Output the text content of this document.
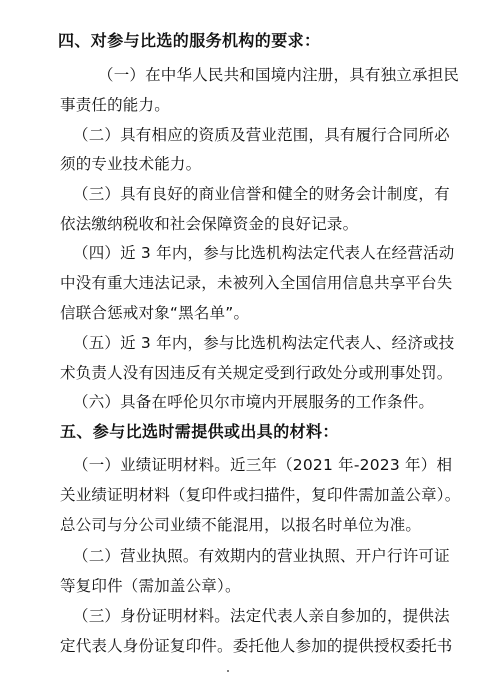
四、对参与比选的服务机构的要求：
（一）在中华人民共和国境内注册，具有独立承担民
事责任的能力。
（二）具有相应的资质及营业范围，具有履行合同所必
须的专业技术能力。
（三）具有良好的商业信誉和健全的财务会计制度，有
依法缴纳税收和社会保障资金的良好记录。
（四）近 3 年内，参与比选机构法定代表人在经营活动
中没有重大违法记录，未被列入全国信用信息共享平台失
信联合惩戒对象“黑名单”。
（五）近 3 年内，参与比选机构法定代表人、经济或技
术负责人没有因违反有关规定受到行政处分或刑事处罚。
（六）具备在呼伦贝尔市境内开展服务的工作条件。
五、参与比选时需提供或出具的材料：
（一）业绩证明材料。近三年（2021 年-2023 年）相
关业绩证明材料（复印件或扫描件，复印件需加盖公章）。
总公司与分公司业绩不能混用，以报名时单位为准。
（二）营业执照。有效期内的营业执照、开户行许可证
等复印件（需加盖公章）。
（三）身份证明材料。法定代表人亲自参加的，提供法
定代表人身份证复印件。委托他人参加的提供授权委托书
